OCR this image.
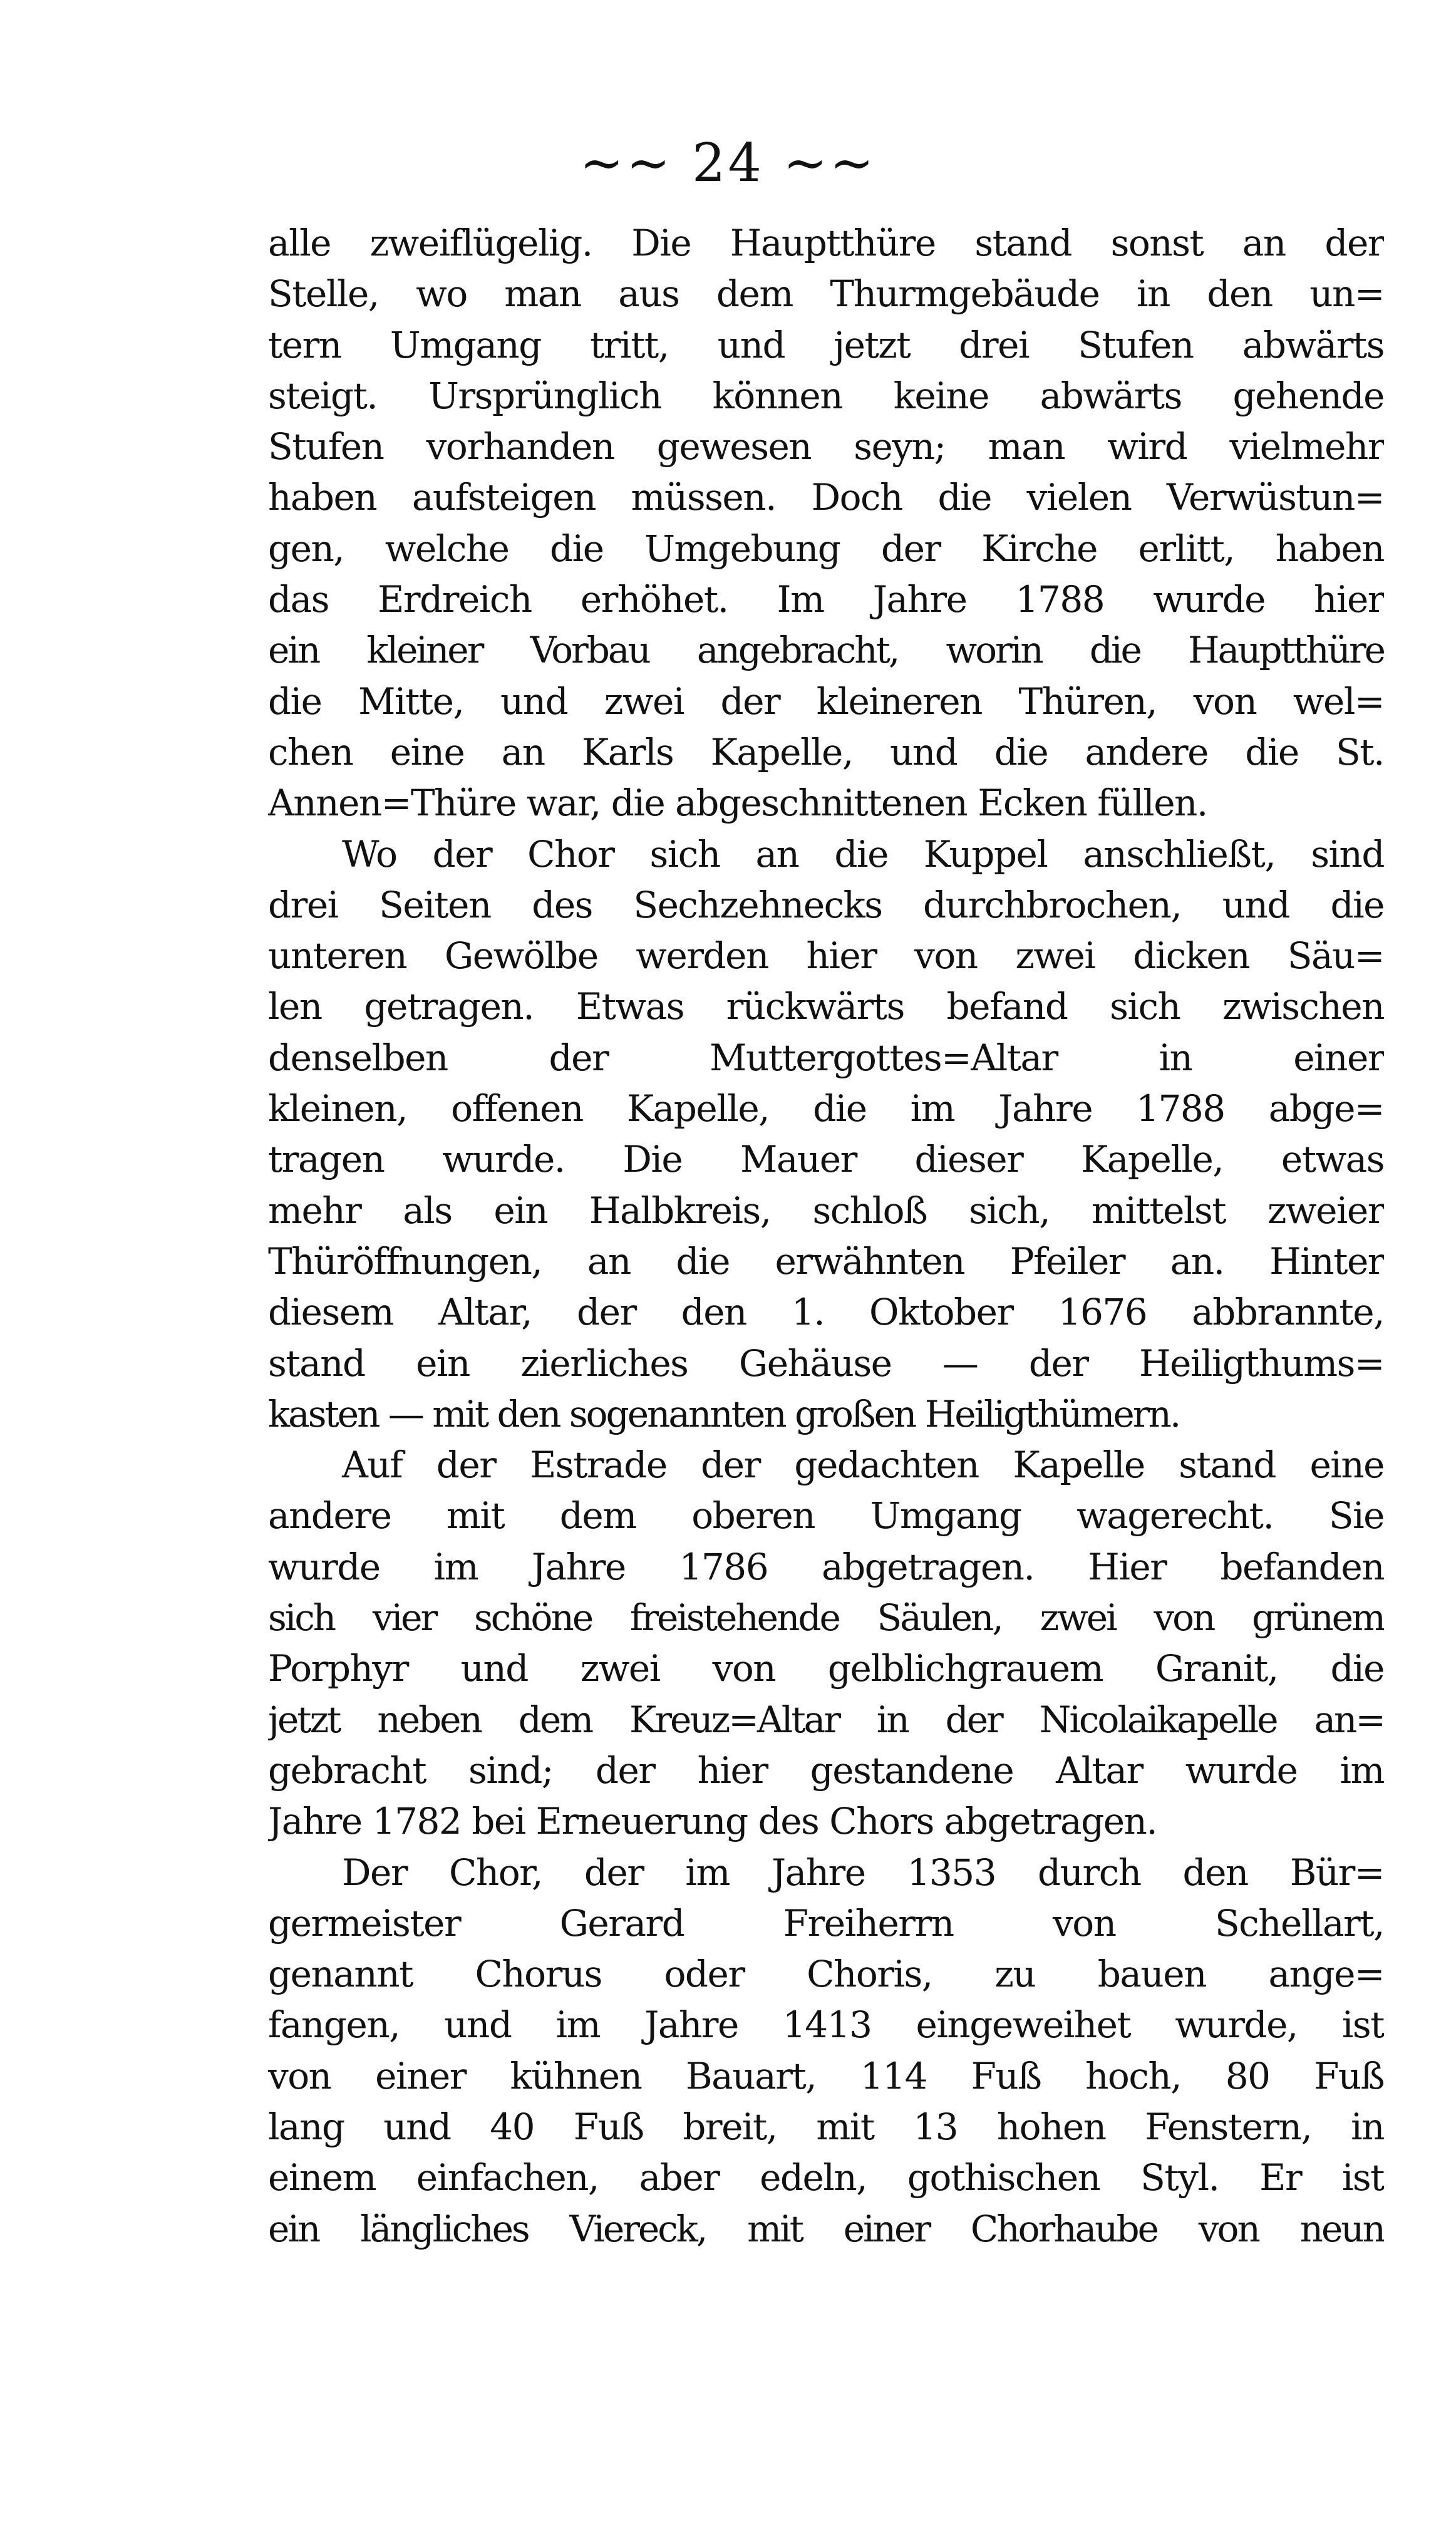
~~ 24 ~~
alle zweiflügelig. Die Hauptthüre stand sonst an der
Stelle, wo man aus dem Thurmgebäude in den un=
tern Umgang tritt, und jetzt drei Stufen abwärts
steigt. Ursprünglich können keine abwärts gehende
Stufen vorhanden gewesen seyn; man wird vielmehr
haben aufsteigen müssen. Doch die vielen Verwüstun=
gen, welche die Umgebung der Kirche erlitt, haben
das Erdreich erhöhet. Im Jahre 1788 wurde hier
ein kleiner Vorbau angebracht, worin die Hauptthüre
die Mitte, und zwei der kleineren Thüren, von wel=
chen eine an Karls Kapelle, und die andere die St.
Annen=Thüre war, die abgeschnittenen Ecken füllen.
Wo der Chor sich an die Kuppel anschließt, sind
drei Seiten des Sechzehnecks durchbrochen, und die
unteren Gewölbe werden hier von zwei dicken Säu=
len getragen. Etwas rückwärts befand sich zwischen
denselben der Muttergottes=Altar in einer
kleinen, offenen Kapelle, die im Jahre 1788 abge=
tragen wurde. Die Mauer dieser Kapelle, etwas
mehr als ein Halbkreis, schloß sich, mittelst zweier
Thüröffnungen, an die erwähnten Pfeiler an. Hinter
diesem Altar, der den 1. Oktober 1676 abbrannte,
stand ein zierliches Gehäuse — der Heiligthums=
kasten — mit den sogenannten großen Heiligthümern.
Auf der Estrade der gedachten Kapelle stand eine
andere mit dem oberen Umgang wagerecht. Sie
wurde im Jahre 1786 abgetragen. Hier befanden
sich vier schöne freistehende Säulen, zwei von grünem
Porphyr und zwei von gelblichgrauem Granit, die
jetzt neben dem Kreuz=Altar in der Nicolaikapelle an=
gebracht sind; der hier gestandene Altar wurde im
Jahre 1782 bei Erneuerung des Chors abgetragen.
Der Chor, der im Jahre 1353 durch den Bür=
germeister Gerard Freiherrn von Schellart,
genannt Chorus oder Choris, zu bauen ange=
fangen, und im Jahre 1413 eingeweihet wurde, ist
von einer kühnen Bauart, 114 Fuß hoch, 80 Fuß
lang und 40 Fuß breit, mit 13 hohen Fenstern, in
einem einfachen, aber edeln, gothischen Styl. Er ist
ein längliches Viereck, mit einer Chorhaube von neun
